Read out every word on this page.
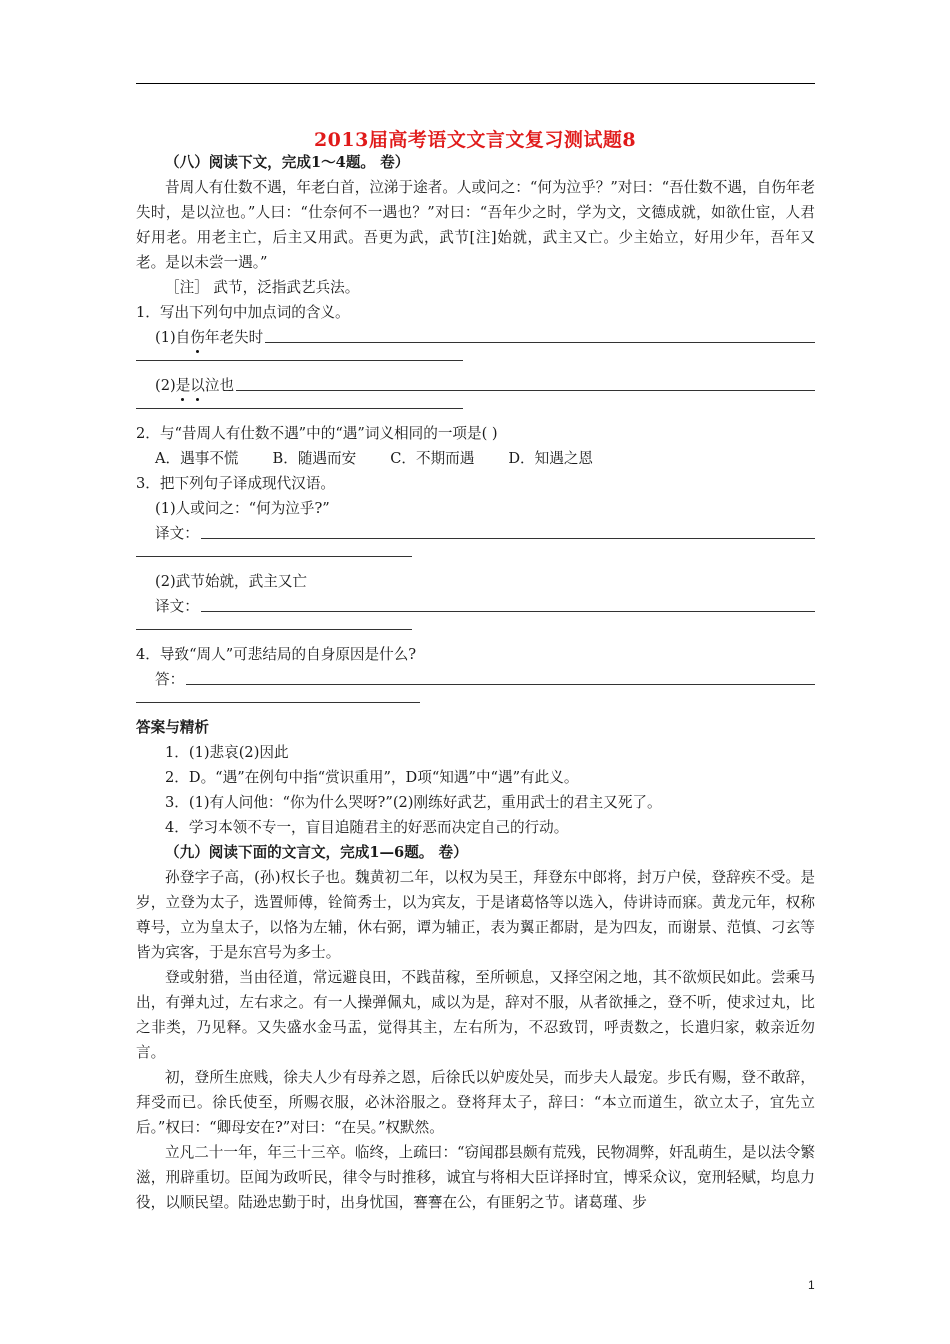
2013届高考语文文言文复习测试题8

（八）阅读下文，完成1～4题。 卷）

昔周人有仕数不遇，年老白首，泣涕于途者。人或问之：“何为泣乎？”对曰：“吾仕数不遇，自伤年老失时，是以泣也。”人曰：“仕奈何不一遇也？”对曰：“吾年少之时，学为文，文德成就，如欲仕宦，人君好用老。用老主亡，后主又用武。吾更为武，武节[注]始就，武主又亡。少主始立，好用少年，吾年又老。是以未尝一遇。”

［注］ 武节，泛指武艺兵法。

1．写出下列句中加点词的含义。

(1)自伤年老失时
(2)是以泣也

2．与“昔周人有仕数不遇”中的“遇”词义相同的一项是( )

A．遇事不慌 B．随遇而安 C．不期而遇 D．知遇之恩

3．把下列句子译成现代汉语。

(1)人或问之：“何为泣乎?”

译文：

(2)武节始就，武主又亡

译文：

4．导致“周人”可悲结局的自身原因是什么?

答：

答案与精析

1．(1)悲哀(2)因此

2．D。“遇”在例句中指“赏识重用”，D项“知遇”中“遇”有此义。

3．(1)有人问他：“你为什么哭呀?”(2)刚练好武艺，重用武士的君主又死了。

4．学习本领不专一，盲目追随君主的好恶而决定自己的行动。

（九）阅读下面的文言文，完成1—6题。 卷）

孙登字子高，(孙)权长子也。魏黄初二年，以权为吴王，拜登东中郎将，封万户侯，登辞疾不受。是岁，立登为太子，选置师傅，铨简秀士，以为宾友，于是诸葛恪等以选入，侍讲诗而寐。黄龙元年，权称尊号，立为皇太子，以恪为左辅，休右弼，谭为辅正，表为翼正都尉，是为四友，而谢景、范慎、刁玄等皆为宾客，于是东宫号为多士。

登或射猎，当由径道，常远避良田，不践苗稼，至所顿息，又择空闲之地，其不欲烦民如此。尝乘马出，有弹丸过，左右求之。有一人操弹佩丸，咸以为是，辞对不服，从者欲捶之，登不听，使求过丸，比之非类，乃见释。又失盛水金马盂，觉得其主，左右所为，不忍致罚，呼责数之，长遣归家，敕亲近勿言。

初，登所生庶贱，徐夫人少有母养之恩，后徐氏以妒废处吴，而步夫人最宠。步氏有赐，登不敢辞，拜受而已。徐氏使至，所赐衣服，必沐浴服之。登将拜太子，辞曰：“本立而道生，欲立太子，宜先立后。”权曰：“卿母安在?”对曰：“在吴。”权默然。

立凡二十一年，年三十三卒。临终，上疏曰：“窃闻郡县颇有荒残，民物凋弊，奸乱萌生，是以法令繁滋，刑辟重切。臣闻为政听民，律令与时推移，诚宜与将相大臣详择时宜，博采众议，宽刑轻赋，均息力役，以顺民望。陆逊忠勤于时，出身忧国，謇謇在公，有匪躬之节。诸葛瑾、步

1
